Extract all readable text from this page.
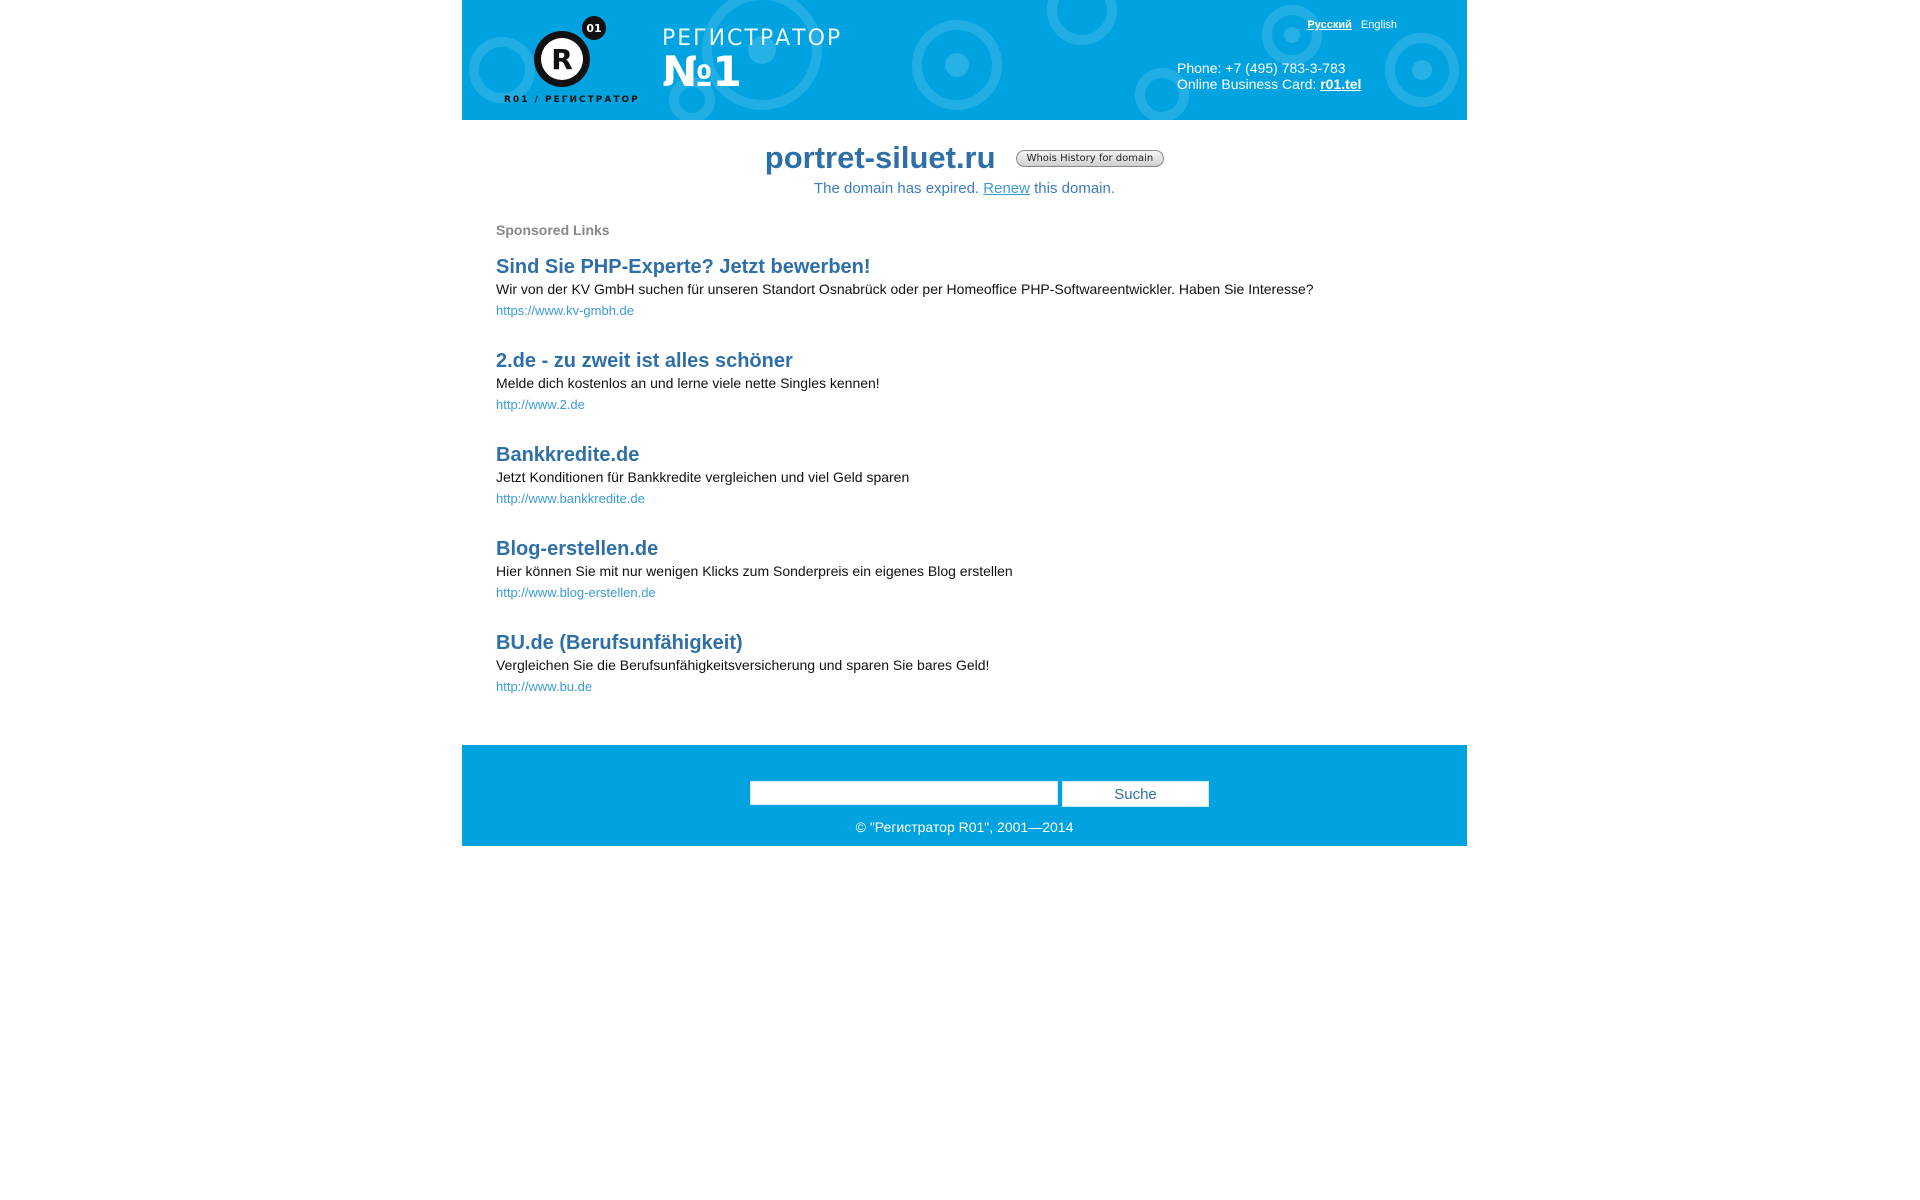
R
01
R01 / РЕГИСТРАТОР
РЕГИСТРАТОР
№1
Русский English
Phone: +7 (495) 783-3-783
Online Business Card: r01.tel
portret-siluet.ru	Whois History for domain
The domain has expired. Renew this domain.
Sponsored Links
Sind Sie PHP-Experte? Jetzt bewerben!
Wir von der KV GmbH suchen für unseren Standort Osnabrück oder per Homeoffice PHP-Softwareentwickler. Haben Sie Interesse?
https://www.kv-gmbh.de
2.de - zu zweit ist alles schöner
Melde dich kostenlos an und lerne viele nette Singles kennen!
http://www.2.de
Bankkredite.de
Jetzt Konditionen für Bankkredite vergleichen und viel Geld sparen
http://www.bankkredite.de
Blog-erstellen.de
Hier können Sie mit nur wenigen Klicks zum Sonderpreis ein eigenes Blog erstellen
http://www.blog-erstellen.de
BU.de (Berufsunfähigkeit)
Vergleichen Sie die Berufsunfähigkeitsversicherung und sparen Sie bares Geld!
http://www.bu.de
Suche
© "Регистратор R01", 2001—2014
